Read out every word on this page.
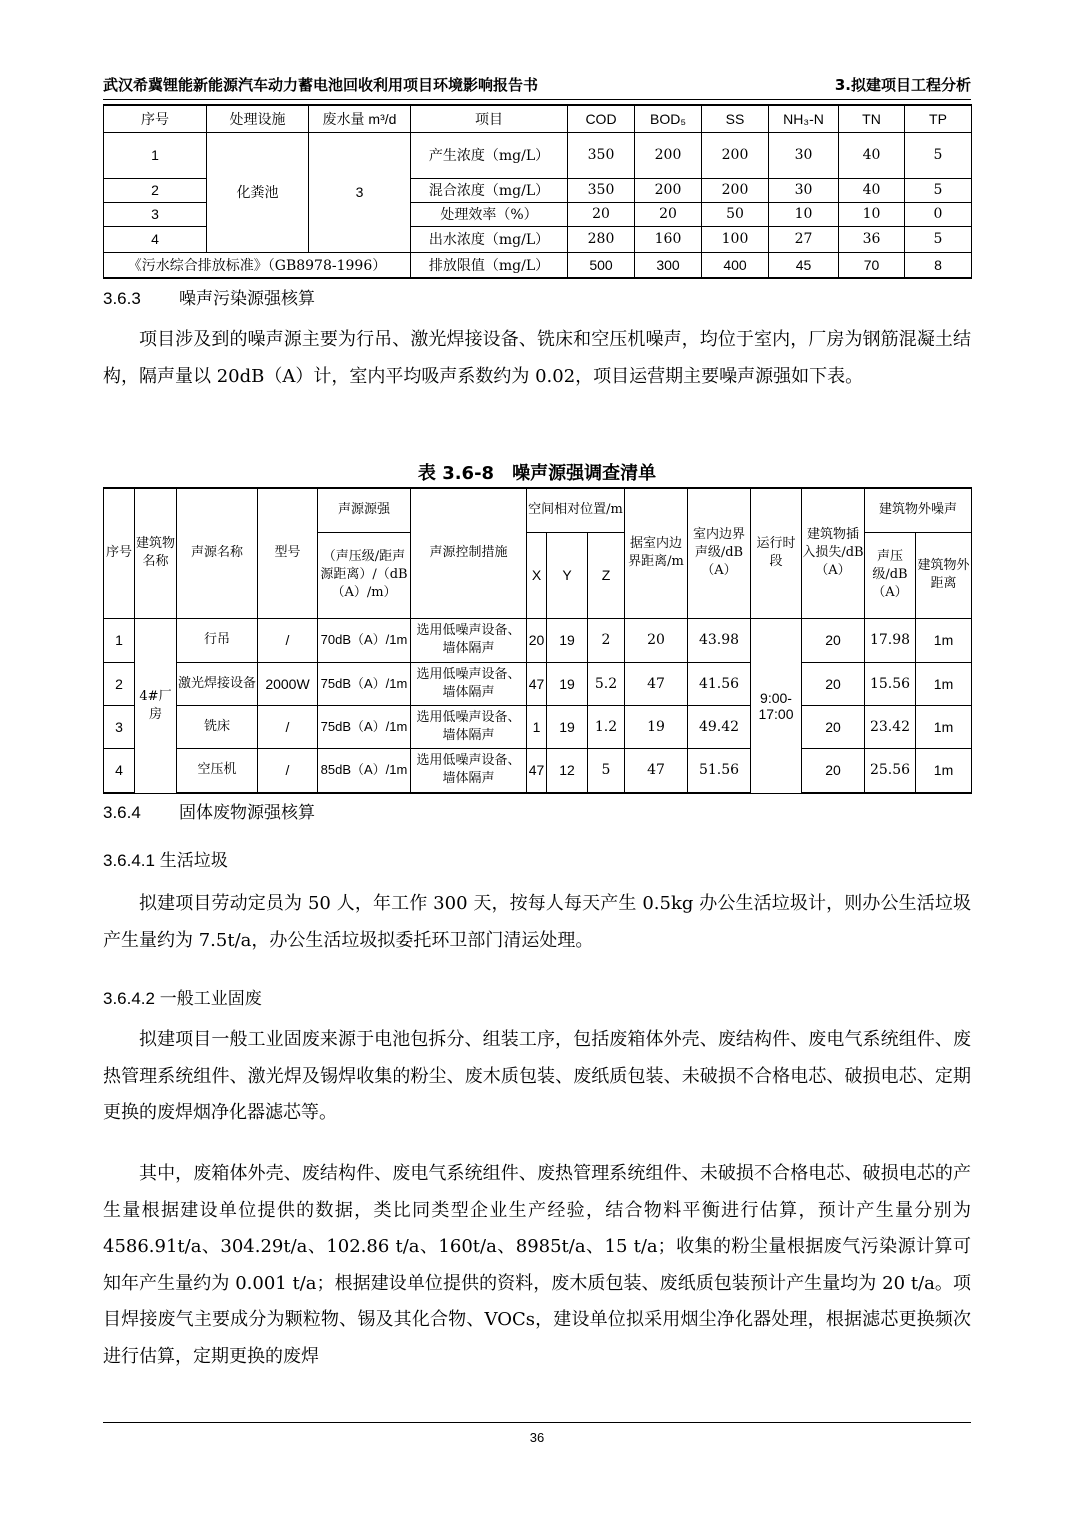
武汉希冀锂能新能源汽车动力蓄电池回收利用项目环境影响报告书	3.拟建项目工程分析
序号	处理设施	废水量 m³/d	项目	COD	BOD₅	SS	NH₃-N	TN	TP
1	化粪池	3	产生浓度（mg/L）	350	200	200	30	40	5
2			混合浓度（mg/L）	350	200	200	30	40	5
3			处理效率（%）	20	20	50	10	10	0
4			出水浓度（mg/L）	280	160	100	27	36	5
《污水综合排放标准》（GB8978-1996）			排放限值（mg/L）	500	300	400	45	70	8
3.6.3 噪声污染源强核算
项目涉及到的噪声源主要为行吊、激光焊接设备、铣床和空压机噪声，均位于室内，厂房为钢筋混凝土结构，隔声量以 20dB（A）计，室内平均吸声系数约为 0.02，项目运营期主要噪声源强如下表。
表 3.6-8　噪声源强调查清单
序号	建筑物名称	声源名称	型号	声源源强	声源控制措施	空间相对位置/m			据室内边界距离/m	室内边界声级/dB（A）	运行时段	建筑物插入损失/dB（A）	建筑物外噪声	
				（声压级/距声源距离）/（dB（A）/m）		X	Y	Z					声压级/dB（A）	建筑物外距离
1	4#厂房	行吊	/	70dB（A）/1m	选用低噪声设备、墙体隔声	20	19	2	20	43.98	9:00-17:00	20	17.98	1m
2		激光焊接设备	2000W	75dB（A）/1m	选用低噪声设备、墙体隔声	47	19	5.2	47	41.56		20	15.56	1m
3		铣床	/	75dB（A）/1m	选用低噪声设备、墙体隔声	1	19	1.2	19	49.42		20	23.42	1m
4		空压机	/	85dB（A）/1m	选用低噪声设备、墙体隔声	47	12	5	47	51.56		20	25.56	1m
3.6.4 固体废物源强核算
3.6.4.1 生活垃圾
拟建项目劳动定员为 50 人，年工作 300 天，按每人每天产生 0.5kg 办公生活垃圾计，则办公生活垃圾产生量约为 7.5t/a，办公生活垃圾拟委托环卫部门清运处理。
3.6.4.2 一般工业固废
拟建项目一般工业固废来源于电池包拆分、组装工序，包括废箱体外壳、废结构件、废电气系统组件、废热管理系统组件、激光焊及锡焊收集的粉尘、废木质包装、废纸质包装、未破损不合格电芯、破损电芯、定期更换的废焊烟净化器滤芯等。
其中，废箱体外壳、废结构件、废电气系统组件、废热管理系统组件、未破损不合格电芯、破损电芯的产生量根据建设单位提供的数据，类比同类型企业生产经验，结合物料平衡进行估算，预计产生量分别为 4586.91t/a、304.29t/a、102.86 t/a、160t/a、8985t/a、15 t/a；收集的粉尘量根据废气污染源计算可知年产生量约为 0.001 t/a；根据建设单位提供的资料，废木质包装、废纸质包装预计产生量均为 20 t/a。项目焊接废气主要成分为颗粒物、锡及其化合物、VOCs，建设单位拟采用烟尘净化器处理，根据滤芯更换频次进行估算，定期更换的废焊
36
